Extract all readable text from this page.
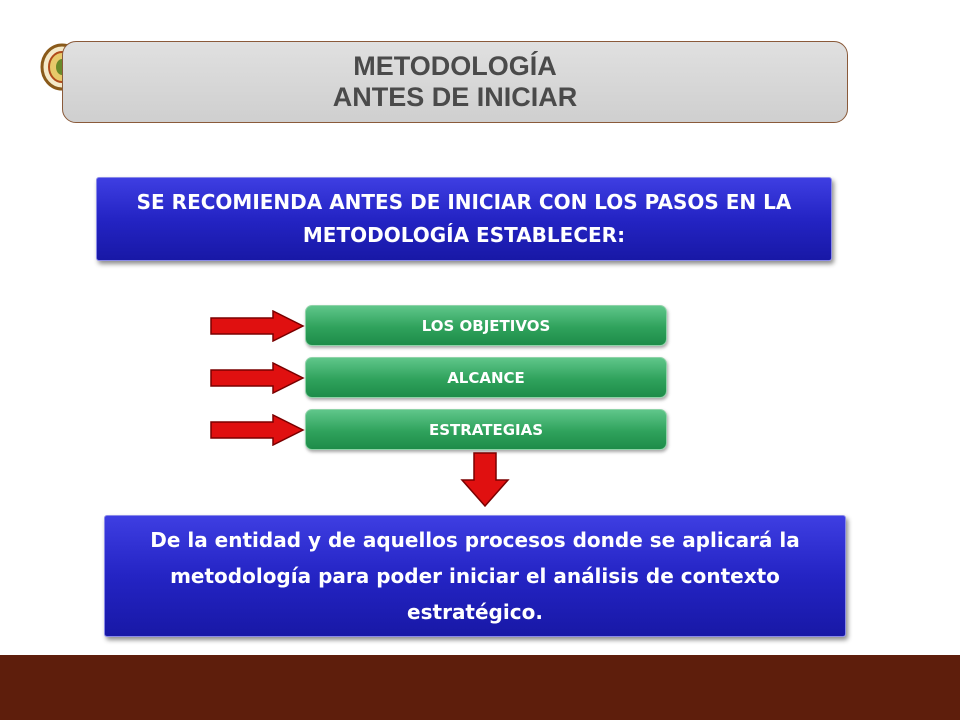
METODOLOGÍA
ANTES DE INICIAR
SE RECOMIENDA ANTES DE INICIAR CON LOS PASOS EN LA METODOLOGÍA ESTABLECER:
LOS OBJETIVOS
ALCANCE
ESTRATEGIAS
De la entidad y de aquellos procesos donde se aplicará la metodología para poder iniciar el análisis de contexto estratégico.
